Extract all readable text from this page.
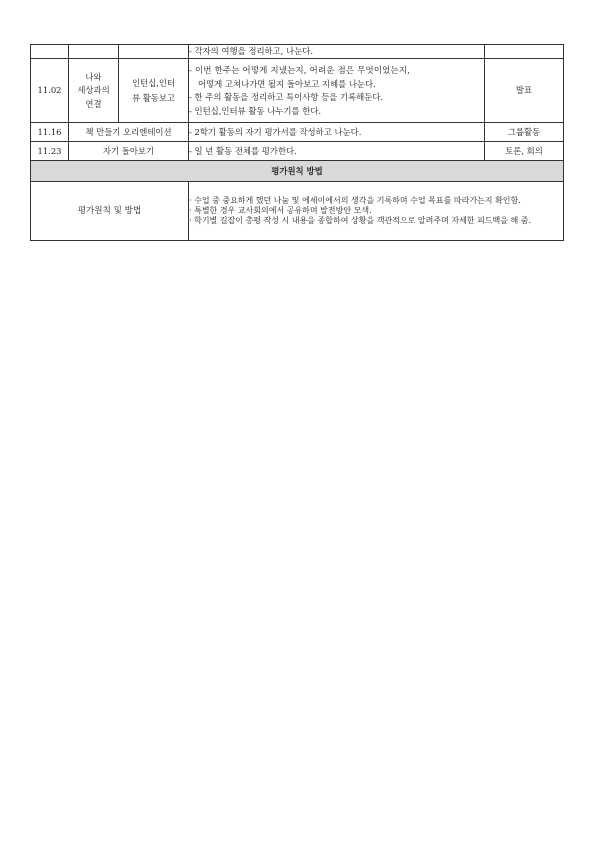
			- 각자의 여행을 정리하고, 나눈다.	

11.02	나와
세상과의
연결	인턴십,인터
뷰 활동보고	- 이번 한주는 어떻게 지냈는지, 어려운 점은 무엇이었는지,
어떻게 고쳐나가면 될지 돌아보고 지혜를 나눈다.
- 한 주의 활동을 정리하고 특이사항 등을 기록해둔다.
- 인턴십,인터뷰 활동 나누기를 한다.	발표
11.16	책 만들기 오리엔테이션		- 2학기 활동의 자기 평가서를 작성하고 나눈다.	그룹활동
11.23	자기 돌아보기		- 일 년 활동 전체를 평가한다.	토론, 회의
평가원칙 방법				
평가원칙 및 방법			· 수업 중 중요하게 했던 나눔 및 에세이에서의 생각을 기록하며 수업 목표를 따라가는지 확인함.
· 특별한 경우 교사회의에서 공유하며 발전방안 모색.
· 학기별 길잡이 총평 작성 시 내용을 종합하여 상황을 객관적으로 알려주며 자세한 피드백을 해 줌.	
